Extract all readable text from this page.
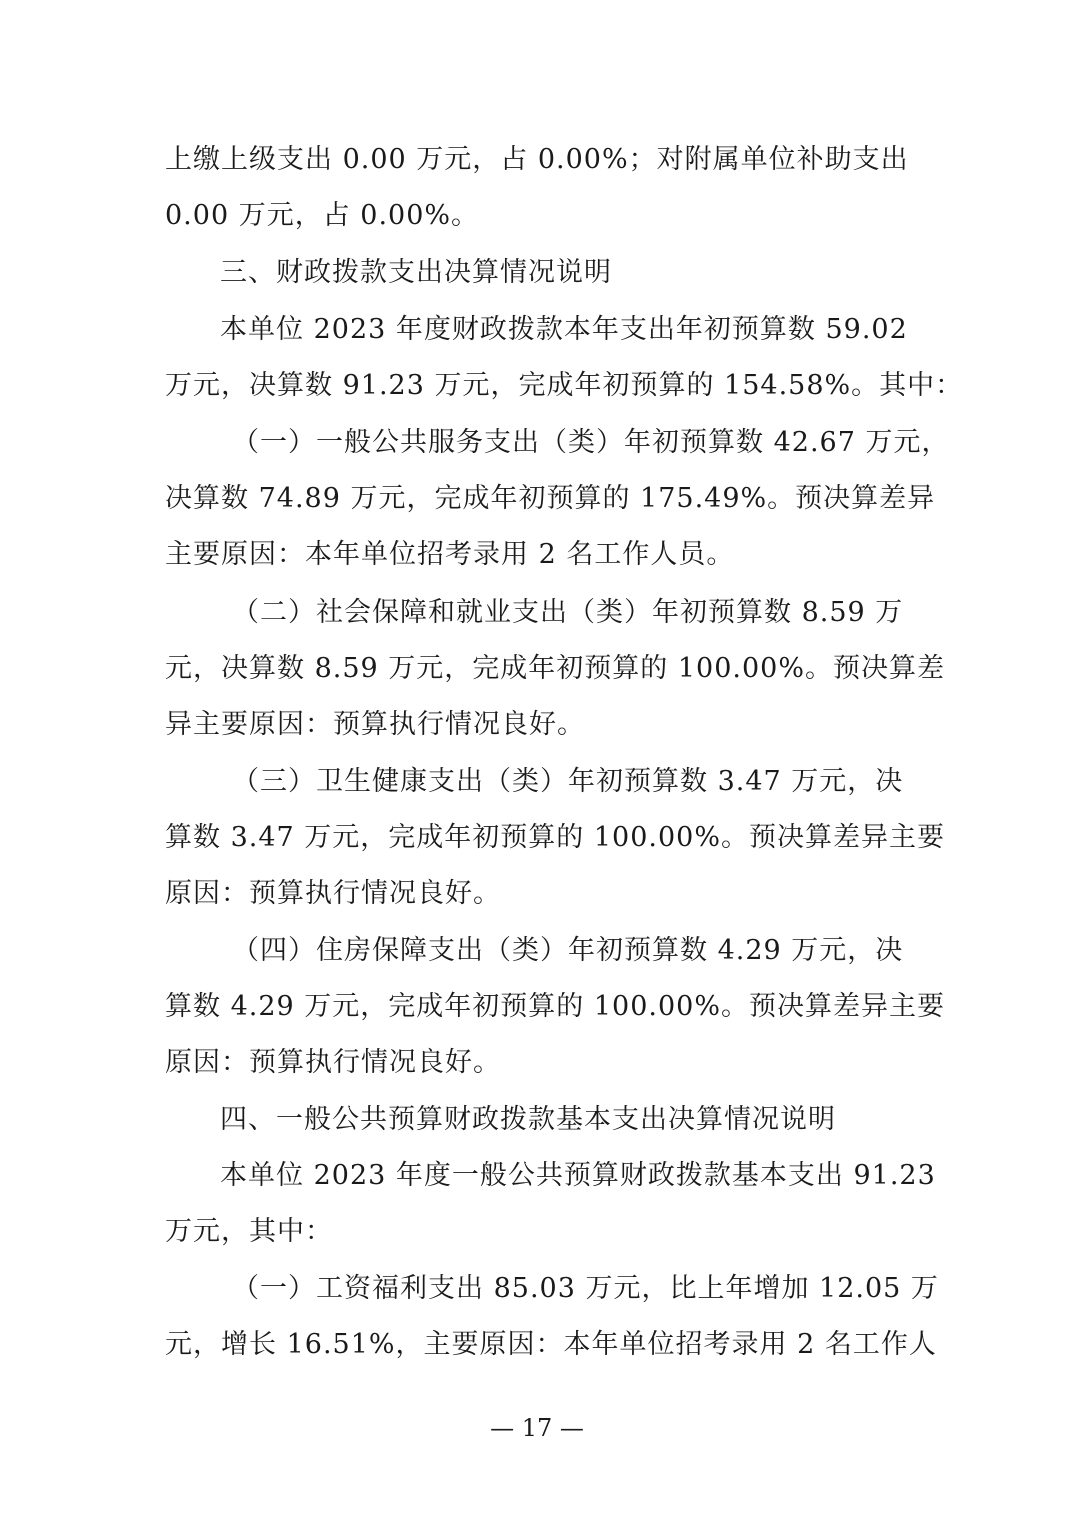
上缴上级支出 0.00 万元，占 0.00%；对附属单位补助支出
0.00 万元，占 0.00%。
三、财政拨款支出决算情况说明
本单位 2023 年度财政拨款本年支出年初预算数 59.02
万元，决算数 91.23 万元，完成年初预算的 154.58%。其中：
（一）一般公共服务支出（类）年初预算数 42.67 万元，
决算数 74.89 万元，完成年初预算的 175.49%。预决算差异
主要原因：本年单位招考录用 2 名工作人员。
（二）社会保障和就业支出（类）年初预算数 8.59 万
元，决算数 8.59 万元，完成年初预算的 100.00%。预决算差
异主要原因：预算执行情况良好。
（三）卫生健康支出（类）年初预算数 3.47 万元，决
算数 3.47 万元，完成年初预算的 100.00%。预决算差异主要
原因：预算执行情况良好。
（四）住房保障支出（类）年初预算数 4.29 万元，决
算数 4.29 万元，完成年初预算的 100.00%。预决算差异主要
原因：预算执行情况良好。
四、一般公共预算财政拨款基本支出决算情况说明
本单位 2023 年度一般公共预算财政拨款基本支出 91.23
万元，其中：
（一）工资福利支出 85.03 万元，比上年增加 12.05 万
元，增长 16.51%，主要原因：本年单位招考录用 2 名工作人
— 17 —
